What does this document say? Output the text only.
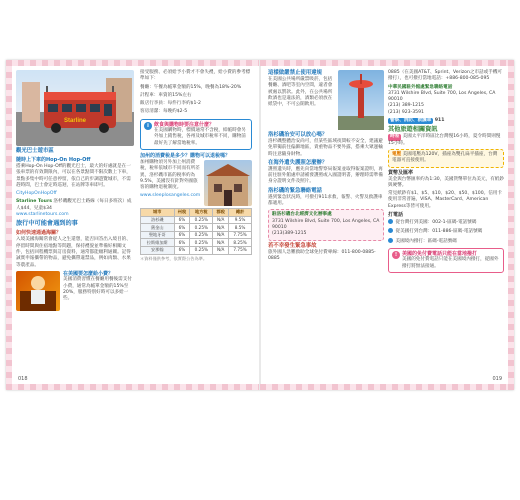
Starline
觀光巴士遊市區
隨時上下車的Hop-On Hop-Off
搭乘Hop-On Hop-Off的觀光巴士，最大的好處就是在一張車票的有效期限內，可以在各景點間不限次數上下車，景點多集中時可任意停留，依自己的步調遊覽城市，不需趕時間，巴士會定時巡迴，在站牌等車即可。
CityHopOnHopOff
Starline Tours 洛杉磯觀光巴士路線（每日多班次）成人$44，兒童$34
www.starlinetours.com
旅行中可能會遇到的事
如何快速通過海關？
入境美國海關常會從人之生還想，能否回答出入境目的、停留時間與住宿地點等問題，保持禮貌並準備好相關文件，包括回程機票與訂房資料，通常都能順利通關。記得誠實申報攜帶的物品，避免攜帶違禁品，例如肉類、水果等農產品。
在美國要怎麼給小費？
美國消費習慣在餐廳用餐後需支付小費，通常為帳單金額的15%至20%，服務特別好時可以多給一些。
接受服務、必須給予小費才不會失禮，給小費的參考標準如下：
餐廳：午餐為帳單金額的15%，晚餐為18%-20%
計程車：車資的15%左右
飯店行李員：每件行李約$1-2
客房清潔：每晚約$2-5
i	飲食與購物時要注意什麼？
在美國購物時，標價通常不含稅，結帳時會另外加上銷售稅，各州及城市稅率不同，購物前最好先了解當地稅率。
加州的消費稅是多少？購物可以退稅嗎？
加州購物須另外加上州消費稅，稅率依城市不同而有所差異，洛杉磯市區的稅率約為9.5%，美國沒有針對外國旅客的購物退稅制度。
www.sleeplosangeles.com
城市	州稅	地方稅	郡稅	總計
洛杉磯	6%	0.25%	N/A	9.5%
舊金山	6%	0.25%	N/A	8.5%
聖地牙哥	6%	0.25%	N/A	7.75%
拉斯維加斯	6%	0.25%	N/A	8.25%
安那翰	6%	0.25%	N/A	7.75%
＊資料僅供參考，依實際公告為準。
018
這樣做嚴禁止使用違規
在美國公共場所嚴禁吸菸，包括餐廳、酒吧等室內空間，違者會被處以罰款。此外，在公共場所飲酒也是違法的，酒類必須放在紙袋中，不可公開飲用。
洛杉磯治安可以放心嗎？
洛杉磯整體治安尚可，但某些區域夜間較不安全，建議避免單獨前往偏僻地區，貴重物品不要外露，搭乘大眾運輸時注意隨身財物。
在海外遺失護照怎麼辦？
護照遺失時，應先向當地警察局報案並取得報案證明，再前往駐外館處申請補發護照或入國證明書，辦理時需準備身分證明文件及照片。
洛杉磯的緊急聯絡電話
遇到緊急狀況時，可撥打911求救，報警、火警及救護車都適用。
駐洛杉磯台北經濟文化辦事處
3731 Wilshire Blvd, Suite 700, Los Angeles, CA 90010
(213)389-1215
若不幸發生緊急事故
旅外國人急難救助全球免付費專線：011-800-0885-0885
0885（在美國AT&T、Sprint、Verizon之市話或手機可撥打），也可撥打當地電話：+886-800-085-095
中華民國駐外館處緊急聯絡電話
3731 Wilshire Blvd, Suite 700, Los Angeles, CA 90010
(213) 389-1215
(213) 923-3591
警察、消防、救護車 911
其他旅遊相關資訊
時差 美國太平洋時區比台灣慢16小時，夏令時間則慢15小時。
電壓 美國電壓為120V，插座為雙孔扁平插座，台灣電器可直接使用。
貨幣及匯率
美金與台幣匯率約為1:30，美國貨幣單位為美元，有紙鈔與硬幣。
常見紙鈔有$1、$5、$10、$20、$50、$100。信用卡使用非常普遍，VISA、MasterCard、American Express等皆可使用。
打電話
從台灣打到美國：002-1-區碼-電話號碼
從美國打到台灣：011-886-區碼-電話號碼
美國境內撥打：區碼-電話號碼
! 美國的免付費電話只能在當地撥打
美國的免付費電話只能在美國境內撥打，從國外撥打將無法接通。
019
